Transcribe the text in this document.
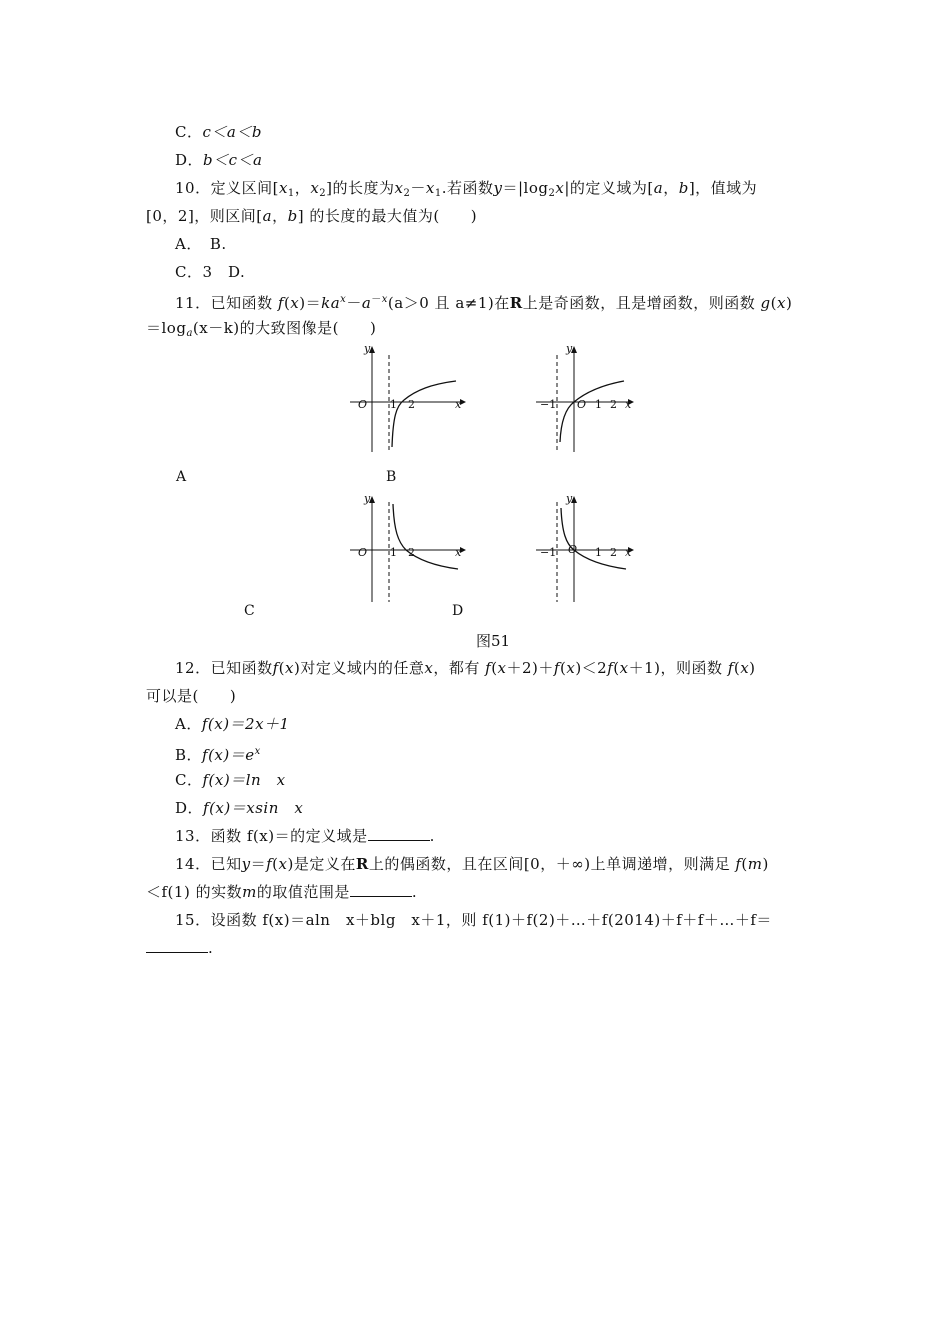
C．c＜a＜b
D．b＜c＜a
10．定义区间[$x_1$，$x_2$]的长度为$x_2-x_1$.若函数$y=|\log_2x|$的定义域为[a，b]，值域为
[0，2]，则区间[a，b] 的长度的最大值为(　　)
A．　B.
C．3　D.
11．已知函数 $f(x)=ka^x-a^{-x}(a>0$ 且 a≠1)在R上是奇函数，且是增函数，则函数 g(x)
$=\log_a(x-k)$的大致图像是(　　)
y
O 1 2	x
y
−1 O 1 2 x
A	B
y
O 1 2	x
y
−1	1 2 x
O
C	D
图51
12．已知函数f(x)对定义域内的任意x，都有 f(x＋2)＋f(x)＜2f(x＋1)，则函数 f(x)
可以是(　　)
A．f(x)＝2x＋1
B．$f(x)=e^x$
C．f(x)＝ln　x
D．f(x)＝xsin　x
13．函数 f(x)＝的定义域是	.
14．已知y＝f(x)是定义在R上的偶函数，且在区间[0，＋∞)上单调递增，则满足 f(m)
＜f(1) 的实数m的取值范围是	.
15．设函数 f(x)＝aln　x＋blg　x＋1，则 f(1)＋f(2)＋…＋f(2014)＋f＋f＋…＋f＝
.
